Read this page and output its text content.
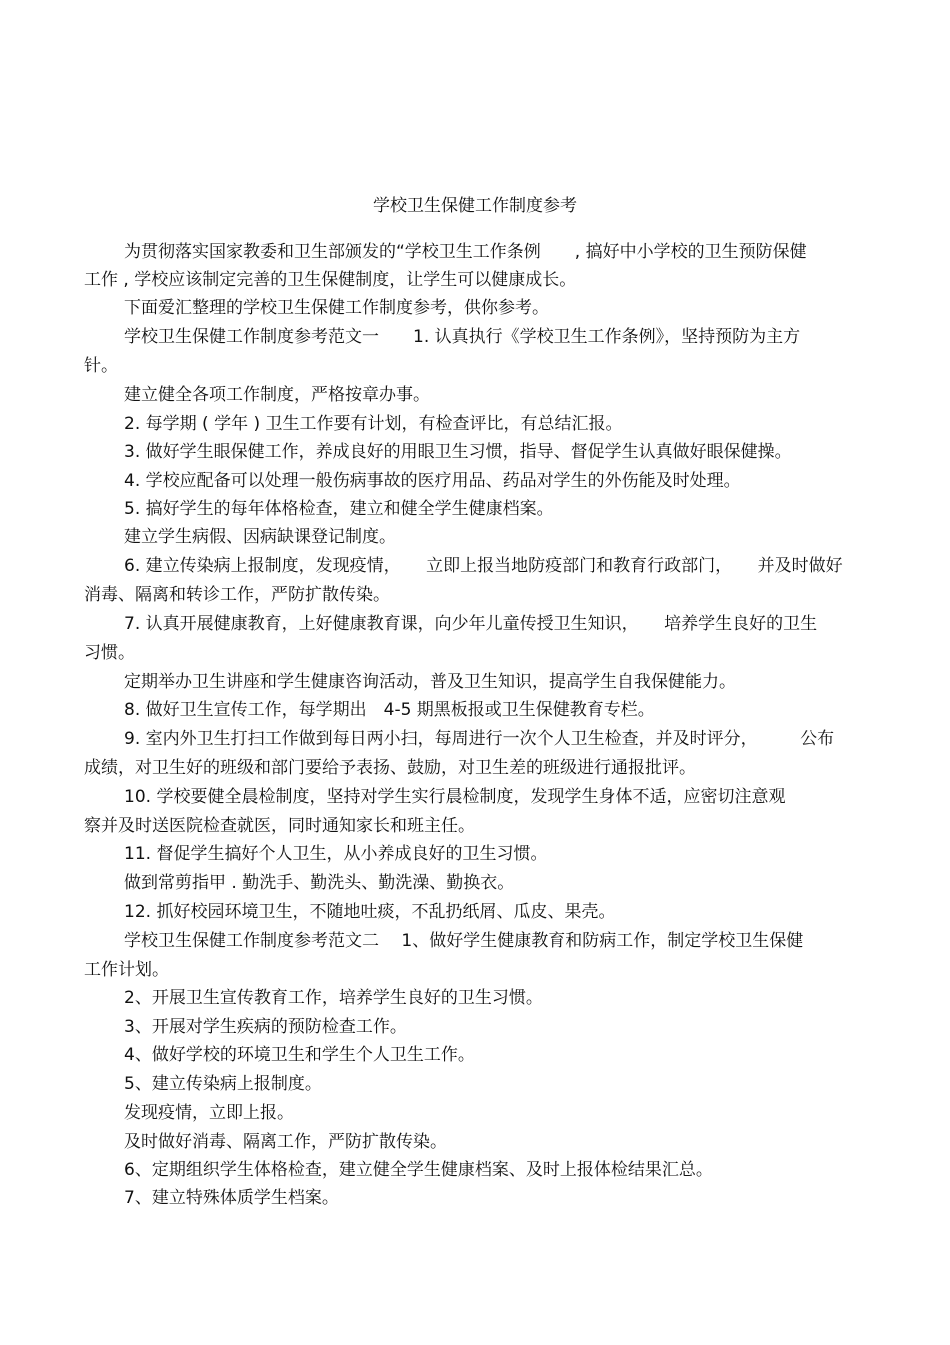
学校卫生保健工作制度参考
为贯彻落实国家教委和卫生部颁发的“学校卫生工作条例　　, 搞好中小学校的卫生预防保健
工作 , 学校应该制定完善的卫生保健制度，让学生可以健康成长。
下面爱汇整理的学校卫生保健工作制度参考，供你参考。
学校卫生保健工作制度参考范文一　　1. 认真执行《学校卫生工作条例》，坚持预防为主方
针。
建立健全各项工作制度，严格按章办事。
2. 每学期 ( 学年 ) 卫生工作要有计划，有检查评比，有总结汇报。
3. 做好学生眼保健工作，养成良好的用眼卫生习惯，指导、督促学生认真做好眼保健操。
4. 学校应配备可以处理一般伤病事故的医疗用品、药品对学生的外伤能及时处理。
5. 搞好学生的每年体格检查，建立和健全学生健康档案。
建立学生病假、因病缺课登记制度。
6. 建立传染病上报制度，发现疫情，　　立即上报当地防疫部门和教育行政部门，　　并及时做好
消毒、隔离和转诊工作，严防扩散传染。
7. 认真开展健康教育，上好健康教育课，向少年儿童传授卫生知识，　　培养学生良好的卫生
习惯。
定期举办卫生讲座和学生健康咨询活动，普及卫生知识，提高学生自我保健能力。
8. 做好卫生宣传工作，每学期出　4-5 期黑板报或卫生保健教育专栏。
9. 室内外卫生打扫工作做到每日两小扫，每周进行一次个人卫生检查，并及时评分，　　　公布
成绩，对卫生好的班级和部门要给予表扬、鼓励，对卫生差的班级进行通报批评。
10. 学校要健全晨检制度，坚持对学生实行晨检制度，发现学生身体不适，应密切注意观
察并及时送医院检查就医，同时通知家长和班主任。
11. 督促学生搞好个人卫生，从小养成良好的卫生习惯。
做到常剪指甲 . 勤洗手、勤洗头、勤洗澡、勤换衣。
12. 抓好校园环境卫生，不随地吐痰，不乱扔纸屑、瓜皮、果壳。
学校卫生保健工作制度参考范文二　 1、做好学生健康教育和防病工作，制定学校卫生保健
工作计划。
2、开展卫生宣传教育工作，培养学生良好的卫生习惯。
3、开展对学生疾病的预防检查工作。
4、做好学校的环境卫生和学生个人卫生工作。
5、建立传染病上报制度。
发现疫情，立即上报。
及时做好消毒、隔离工作，严防扩散传染。
6、定期组织学生体格检查，建立健全学生健康档案、及时上报体检结果汇总。
7、建立特殊体质学生档案。
